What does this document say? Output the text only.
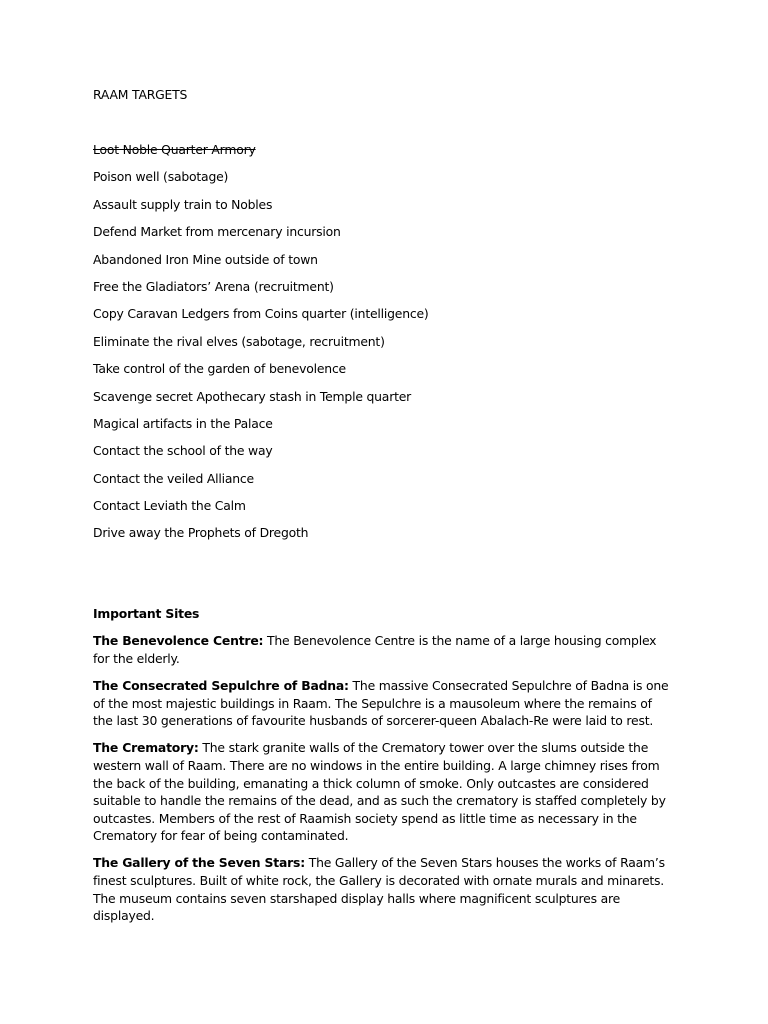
RAAM TARGETS

Loot Noble Quarter Armory
Poison well (sabotage)
Assault supply train to Nobles
Defend Market from mercenary incursion
Abandoned Iron Mine outside of town
Free the Gladiators’ Arena (recruitment)
Copy Caravan Ledgers from Coins quarter (intelligence)
Eliminate the rival elves (sabotage, recruitment)
Take control of the garden of benevolence
Scavenge secret Apothecary stash in Temple quarter
Magical artifacts in the Palace
Contact the school of the way
Contact the veiled Alliance
Contact Leviath the Calm
Drive away the Prophets of Dregoth

Important Sites

The Benevolence Centre: The Benevolence Centre is the name of a large housing complex for the elderly.

The Consecrated Sepulchre of Badna: The massive Consecrated Sepulchre of Badna is one of the most majestic buildings in Raam. The Sepulchre is a mausoleum where the remains of the last 30 generations of favourite husbands of sorcerer-queen Abalach-Re were laid to rest.

The Crematory: The stark granite walls of the Crematory tower over the slums outside the western wall of Raam. There are no windows in the entire building. A large chimney rises from the back of the building, emanating a thick column of smoke. Only outcastes are considered suitable to handle the remains of the dead, and as such the crematory is staffed completely by outcastes. Members of the rest of Raamish society spend as little time as necessary in the Crematory for fear of being contaminated.

The Gallery of the Seven Stars: The Gallery of the Seven Stars houses the works of Raam’s finest sculptures. Built of white rock, the Gallery is decorated with ornate murals and minarets. The museum contains seven starshaped display halls where magnificent sculptures are displayed.
